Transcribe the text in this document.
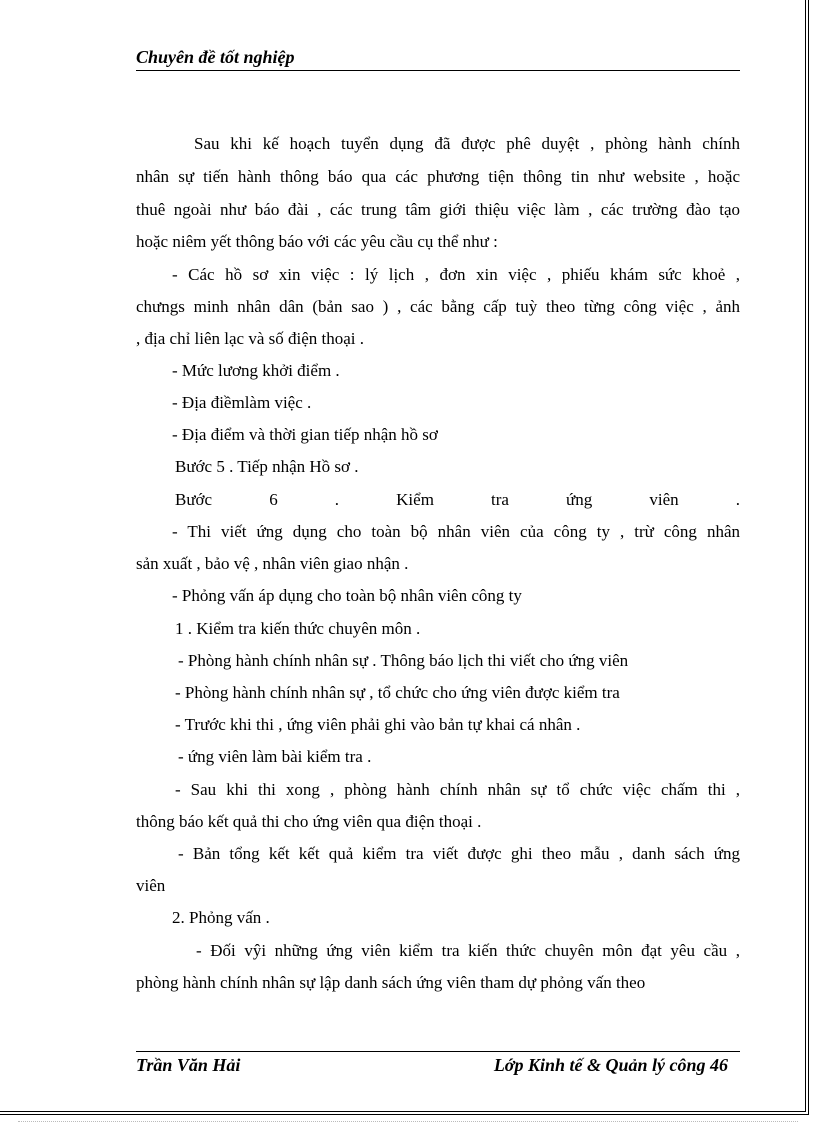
Chuyên đề tốt nghiệp
Sau khi kế hoạch tuyển dụng đã được phê duyệt , phòng hành chính
nhân sự tiến hành thông báo qua các phương tiện thông tin như website , hoặc
thuê ngoài như báo đài , các trung tâm giới thiệu việc làm , các trường đào tạo
hoặc niêm yết thông báo với các yêu cầu cụ thể như :
- Các hồ sơ xin việc : lý lịch , đơn xin việc , phiếu khám sức khoẻ ,
chưngs minh nhân dân (bản sao ) , các bằng cấp tuỳ theo từng công việc , ảnh
, địa chỉ liên lạc và số điện thoại .
- Mức lương khởi điểm .
- Địa điềmlàm việc .
- Địa điểm và thời gian tiếp nhận hồ sơ
Bước 5 . Tiếp nhận Hồ sơ .
Bước 6 . Kiểm tra ứng viên .
- Thi viết ứng dụng cho toàn bộ nhân viên của công ty , trừ công nhân
sản xuất , bảo vệ , nhân viên giao nhận .
- Phỏng vấn áp dụng cho toàn bộ nhân viên công ty
1 . Kiểm tra kiến thức chuyên môn .
- Phòng hành chính nhân sự . Thông báo lịch thi viết cho ứng viên
- Phòng hành chính nhân sự , tổ chức cho ứng viên được kiểm tra
- Trước khi thi , ứng viên phải ghi vào bản tự khai cá nhân .
- ứng viên làm bài kiểm tra .
- Sau khi thi xong , phòng hành chính nhân sự tổ chức việc chấm thi ,
thông báo kết quả thi cho ứng viên qua điện thoại .
- Bản tổng kết kết quả kiểm tra viết được ghi theo mẫu , danh sách ứng
viên
2. Phỏng vấn .
- Đối vŷi những ứng viên kiểm tra kiến thức chuyên môn đạt yêu cầu ,
phòng hành chính nhân sự lập danh sách ứng viên tham dự phỏng vấn theo
Trần Văn Hải	Lớp Kinh tế & Quản lý công 46
